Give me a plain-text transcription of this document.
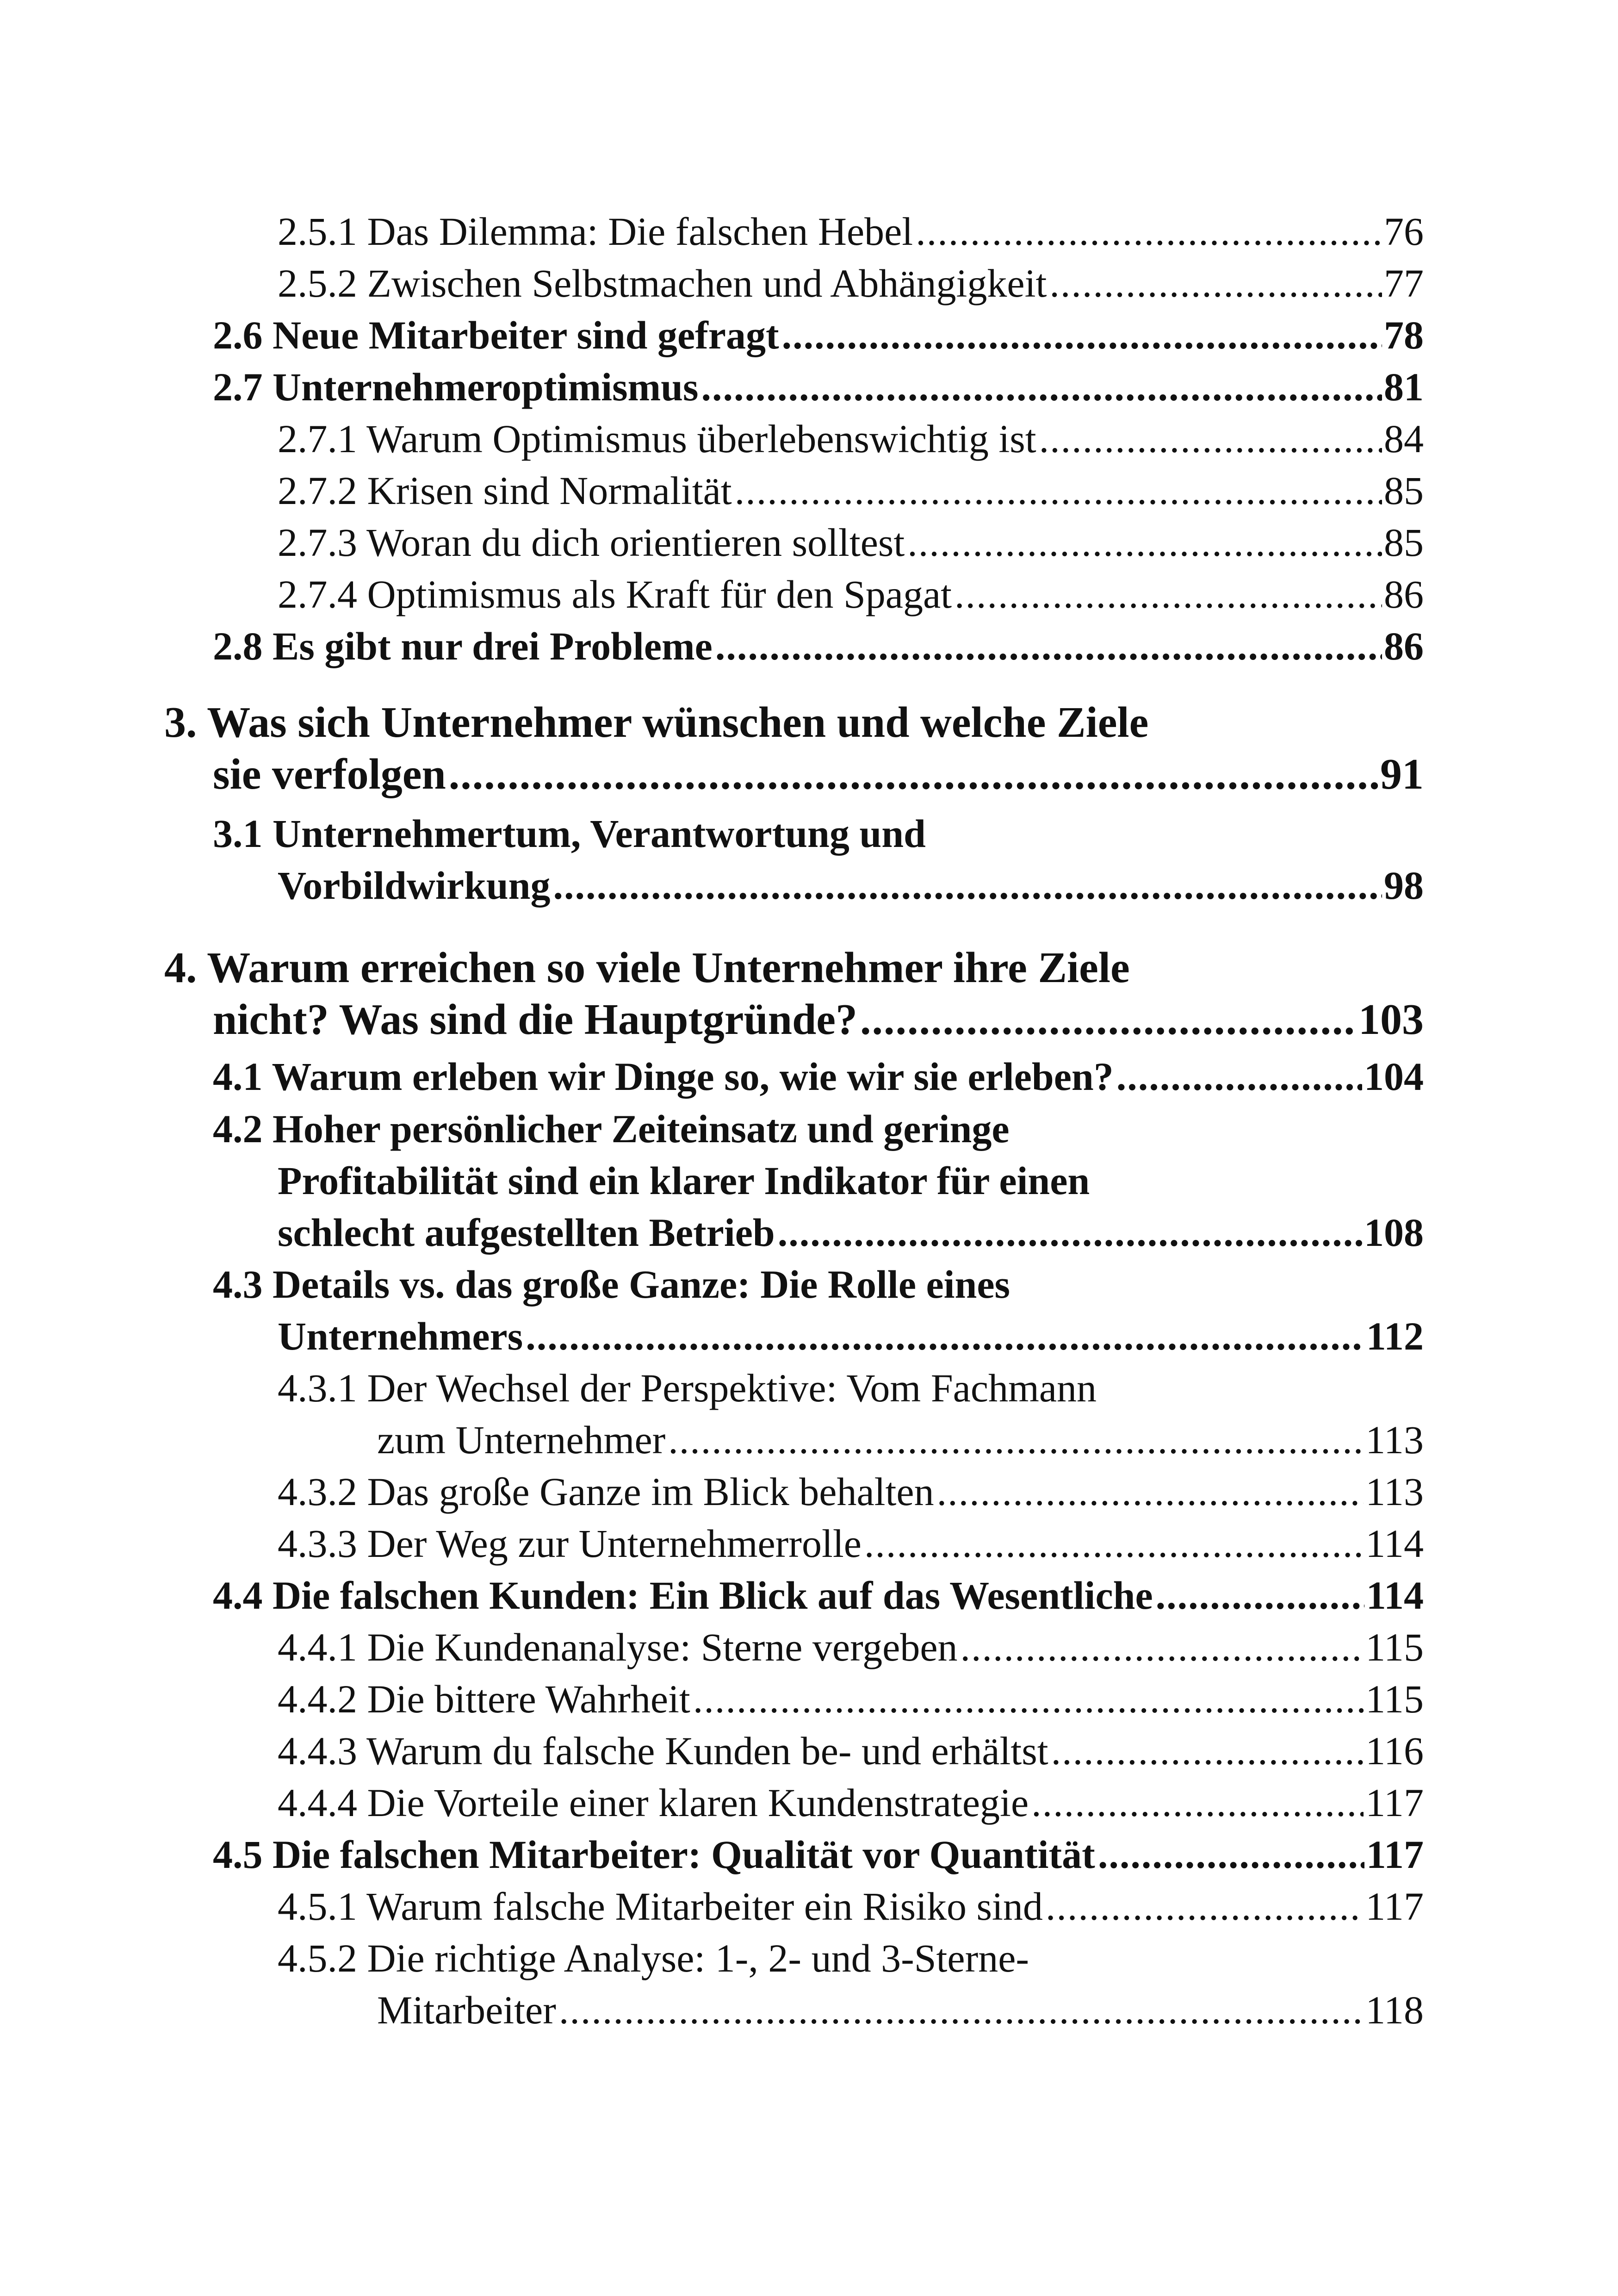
2.5.1 Das Dilemma: Die falschen Hebel .....	76
2.5.2 Zwischen Selbstmachen und Abhängigkeit .....	77
2.6 Neue Mitarbeiter sind gefragt .....	78
2.7 Unternehmeroptimismus .....	81
2.7.1 Warum Optimismus überlebenswichtig ist .....	84
2.7.2 Krisen sind Normalität .....	85
2.7.3 Woran du dich orientieren solltest .....	85
2.7.4 Optimismus als Kraft für den Spagat .....	86
2.8 Es gibt nur drei Probleme .....	86
3. Was sich Unternehmer wünschen und welche Ziele
sie verfolgen .....	91
3.1 Unternehmertum, Verantwortung und
Vorbildwirkung .....	98
4. Warum erreichen so viele Unternehmer ihre Ziele
nicht? Was sind die Hauptgründe? .....	103
4.1 Warum erleben wir Dinge so, wie wir sie erleben? .....	104
4.2 Hoher persönlicher Zeiteinsatz und geringe
Profitabilität sind ein klarer Indikator für einen
schlecht aufgestellten Betrieb .....	108
4.3 Details vs. das große Ganze: Die Rolle eines
Unternehmers .....	112
4.3.1 Der Wechsel der Perspektive: Vom Fachmann
zum Unternehmer .....	113
4.3.2 Das große Ganze im Blick behalten .....	113
4.3.3 Der Weg zur Unternehmerrolle .....	114
4.4 Die falschen Kunden: Ein Blick auf das Wesentliche .....	114
4.4.1 Die Kundenanalyse: Sterne vergeben .....	115
4.4.2 Die bittere Wahrheit .....	115
4.4.3 Warum du falsche Kunden be- und erhältst .....	116
4.4.4 Die Vorteile einer klaren Kundenstrategie .....	117
4.5 Die falschen Mitarbeiter: Qualität vor Quantität .....	117
4.5.1 Warum falsche Mitarbeiter ein Risiko sind .....	117
4.5.2 Die richtige Analyse: 1-, 2- und 3-Sterne-
Mitarbeiter .....	118
